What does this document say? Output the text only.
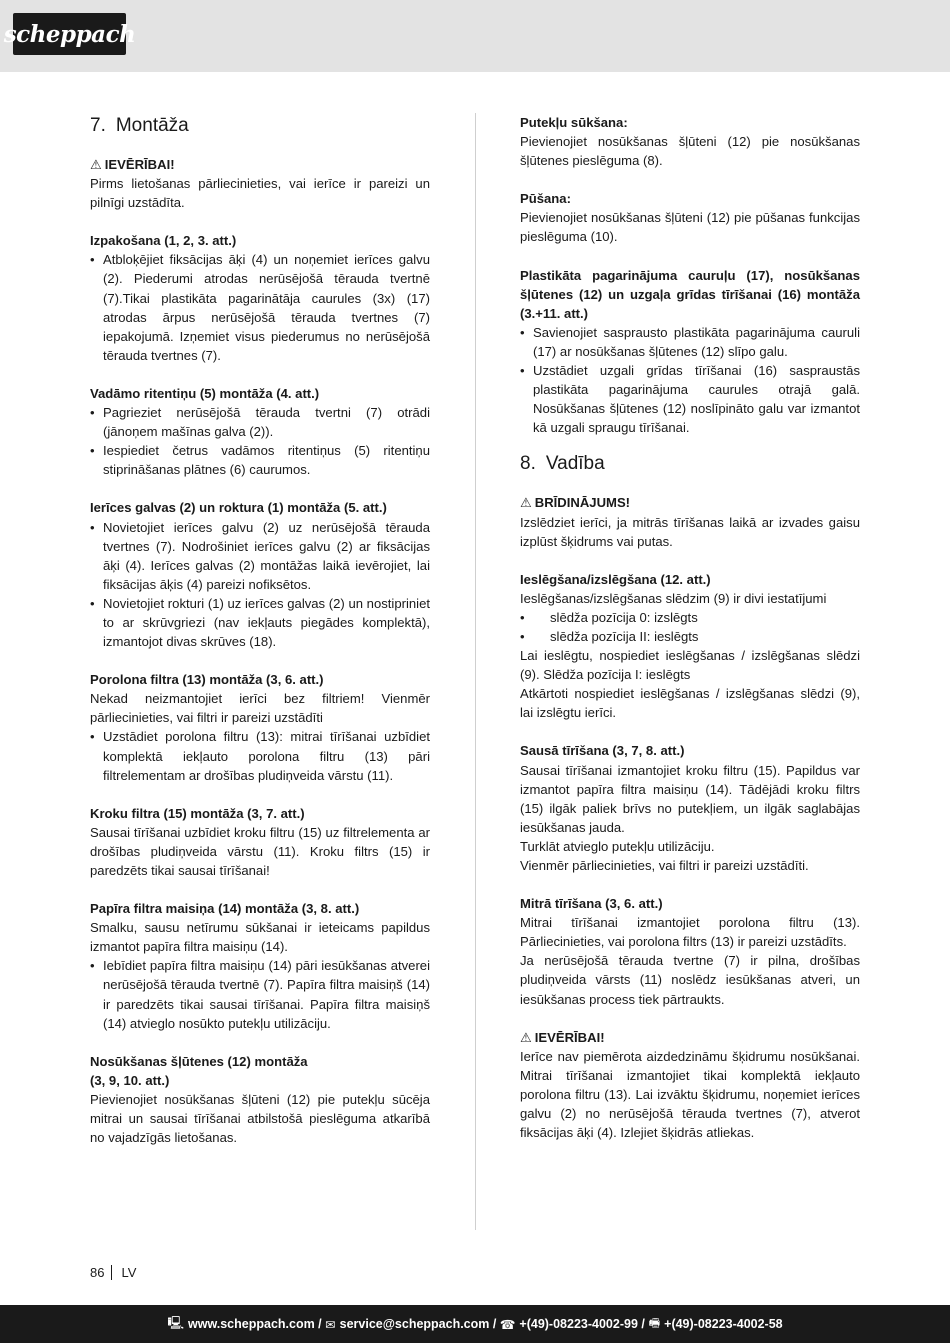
scheppach
7. Montāža
⚠ IEVĒRĪBAI!
Pirms lietošanas pārliecinieties, vai ierīce ir pareizi un pilnīgi uzstādīta.
Izpakošana (1, 2, 3. att.)
• Atbloķējiet fiksācijas āķi (4) un noņemiet ierīces galvu (2). Piederumi atrodas nerūsējošā tērauda tvertnē (7).Tikai plastikāta pagarinātāja caurules (3x) (17) atrodas ārpus nerūsējošā tērauda tvertnes (7) iepakojumā. Izņemiet visus piederumus no nerūsējošā tērauda tvertnes (7).
Vadāmo ritentiņu (5) montāža (4. att.)
• Pagrieziet nerūsējošā tērauda tvertni (7) otrādi (jānoņem mašīnas galva (2)).
• Iespiediet četrus vadāmos ritentiņus (5) ritentiņu stiprināšanas plātnes (6) caurumos.
Ierīces galvas (2) un roktura (1) montāža (5. att.)
• Novietojiet ierīces galvu (2) uz nerūsējošā tērauda tvertnes (7). Nodrošiniet ierīces galvu (2) ar fiksācijas āķi (4). Ierīces galvas (2) montāžas laikā ievērojiet, lai fiksācijas āķis (4) pareizi nofiksētos.
• Novietojiet rokturi (1) uz ierīces galvas (2) un nostipriniet to ar skrūvgriezi (nav iekļauts piegādes komplektā), izmantojot divas skrūves (18).
Porolona filtra (13) montāža (3, 6. att.)
Nekad neizmantojiet ierīci bez filtriem! Vienmēr pārliecinieties, vai filtri ir pareizi uzstādīti
• Uzstādiet porolona filtru (13): mitrai tīrīšanai uzbīdiet komplektā iekļauto porolona filtru (13) pāri filtrelementam ar drošības pludiņveida vārstu (11).
Kroku filtra (15) montāža (3, 7. att.)
Sausai tīrīšanai uzbīdiet kroku filtru (15) uz filtrelementa ar drošības pludiņveida vārstu (11). Kroku filtrs (15) ir paredzēts tikai sausai tīrīšanai!
Papīra filtra maisiņa (14) montāža (3, 8. att.)
Smalku, sausu netīrumu sūkšanai ir ieteicams papildus izmantot papīra filtra maisiņu (14).
• Iebīdiet papīra filtra maisiņu (14) pāri iesūkšanas atverei nerūsējošā tērauda tvertnē (7). Papīra filtra maisiņš (14) ir paredzēts tikai sausai tīrīšanai. Papīra filtra maisiņš (14) atvieglo nosūkto putekļu utilizāciju.
Nosūkšanas šļūtenes (12) montāža
(3, 9, 10. att.)
Pievienojiet nosūkšanas šļūteni (12) pie putekļu sūcēja mitrai un sausai tīrīšanai atbilstošā pieslēguma atkarībā no vajadzīgās lietošanas.
Putekļu sūkšana:
Pievienojiet nosūkšanas šļūteni (12) pie nosūkšanas šļūtenes pieslēguma (8).
Pūšana:
Pievienojiet nosūkšanas šļūteni (12) pie pūšanas funkcijas pieslēguma (10).
Plastikāta pagarinājuma cauruļu (17), nosūkšanas šļūtenes (12) un uzgaļa grīdas tīrīšanai (16) montāža (3.+11. att.)
• Savienojiet sasprausto plastikāta pagarinājuma cauruli (17) ar nosūkšanas šļūtenes (12) slīpo galu.
• Uzstādiet uzgali grīdas tīrīšanai (16) saspraustās plastikāta pagarinājuma caurules otrajā galā. Nosūkšanas šļūtenes (12) noslīpināto galu var izmantot kā uzgali spraugu tīrīšanai.
8. Vadība
⚠ BRĪDINĀJUMS!
Izslēdziet ierīci, ja mitrās tīrīšanas laikā ar izvades gaisu izplūst šķidrums vai putas.
Ieslēgšana/izslēgšana (12. att.)
Ieslēgšanas/izslēgšanas slēdzim (9) ir divi iestatījumi
• slēdža pozīcija 0: izslēgts
• slēdža pozīcija II: ieslēgts
Lai ieslēgtu, nospiediet ieslēgšanas / izslēgšanas slēdzi (9). Slēdža pozīcija I: ieslēgts
Atkārtoti nospiediet ieslēgšanas / izslēgšanas slēdzi (9), lai izslēgtu ierīci.
Sausā tīrīšana (3, 7, 8. att.)
Sausai tīrīšanai izmantojiet kroku filtru (15). Papildus var izmantot papīra filtra maisiņu (14). Tādējādi kroku filtrs (15) ilgāk paliek brīvs no putekļiem, un ilgāk saglabājas iesūkšanas jauda.
Turklāt atvieglo putekļu utilizāciju.
Vienmēr pārliecinieties, vai filtri ir pareizi uzstādīti.
Mitrā tīrīšana (3, 6. att.)
Mitrai tīrīšanai izmantojiet porolona filtru (13). Pārliecinieties, vai porolona filtrs (13) ir pareizi uzstādīts.
Ja nerūsējošā tērauda tvertne (7) ir pilna, drošības pludiņveida vārsts (11) noslēdz iesūkšanas atveri, un iesūkšanas process tiek pārtraukts.
⚠ IEVĒRĪBAI!
Ierīce nav piemērota aizdedzināmu šķidrumu nosūkšanai. Mitrai tīrīšanai izmantojiet tikai komplektā iekļauto porolona filtru (13). Lai izvāktu šķidrumu, noņemiet ierīces galvu (2) no nerūsējošā tērauda tvertnes (7), atverot fiksācijas āķi (4). Izlejiet šķidrās atliekas.
86 LV
🖳 www.scheppach.com /
✉ service@scheppach.com /
☎ +(49)-08223-4002-99 /
🖷 +(49)-08223-4002-58
